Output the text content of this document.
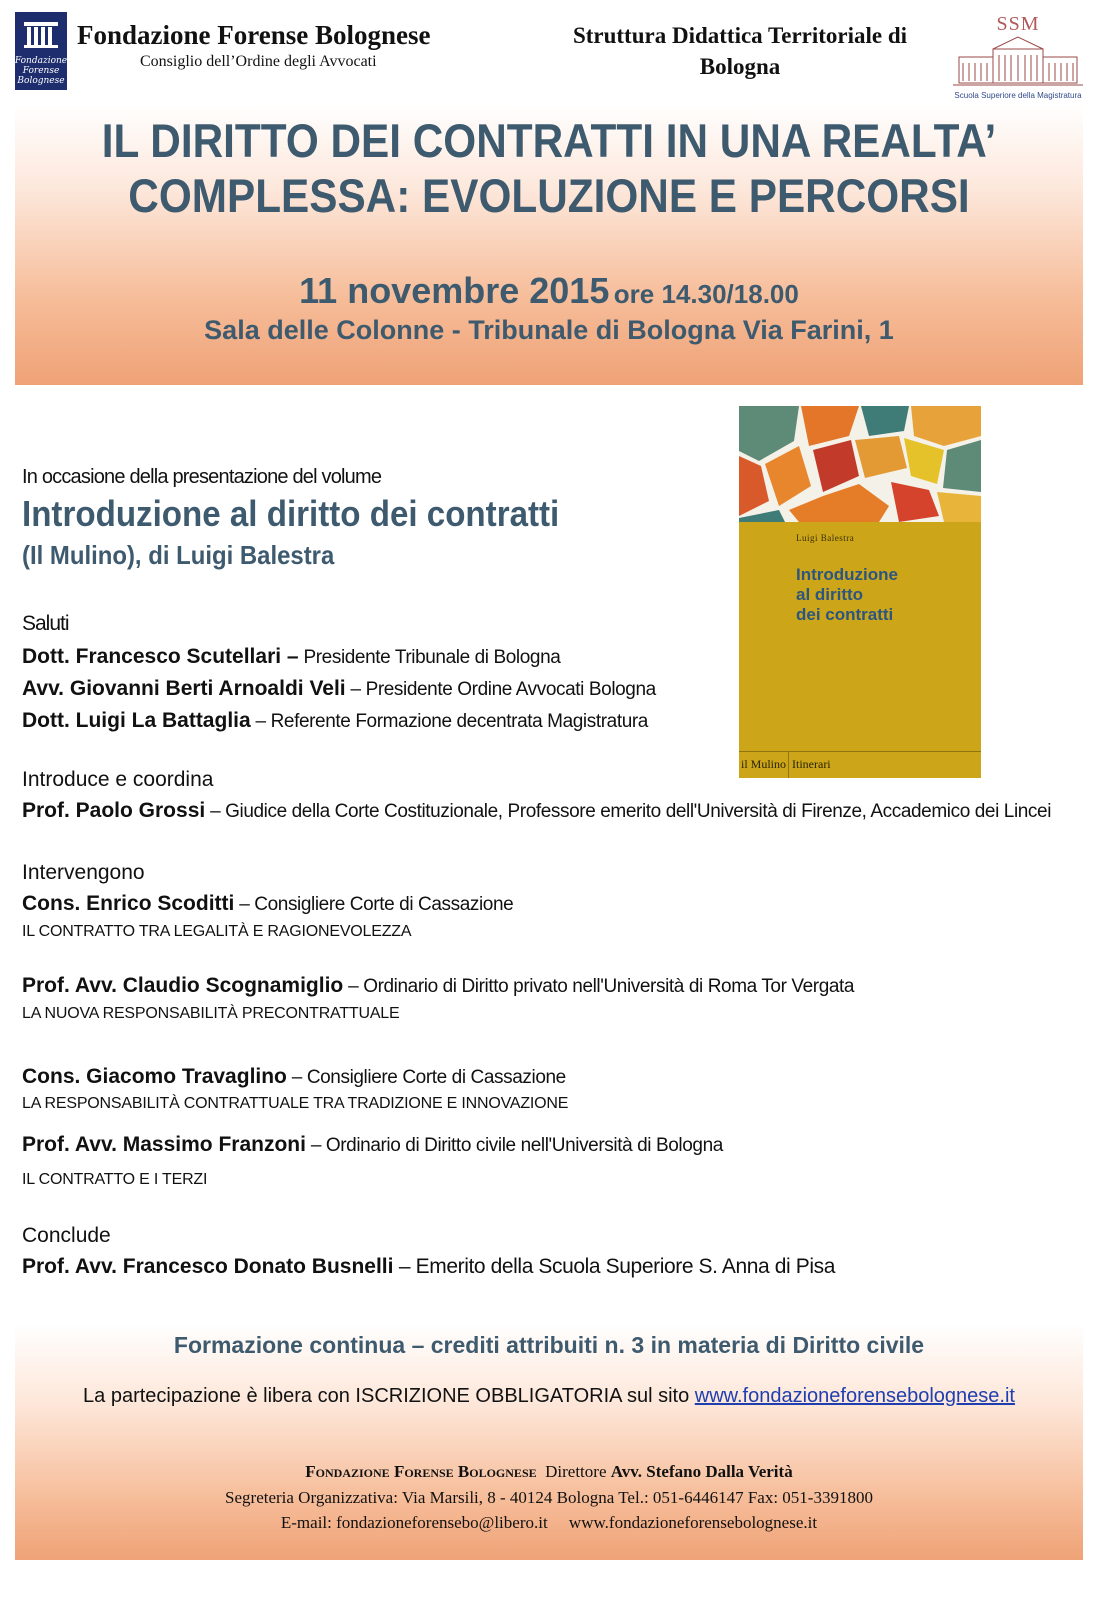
Fondazione Forense Bolognese
Fondazione Forense Bolognese
Consiglio dell’Ordine degli Avvocati
Struttura Didattica Territoriale di Bologna
SSM
Scuola Superiore della Magistratura
IL DIRITTO DEI CONTRATTI IN UNA REALTA’ COMPLESSA: EVOLUZIONE E PERCORSI
11 novembre 2015 ore 14.30/18.00
Sala delle Colonne - Tribunale di Bologna Via Farini, 1
Luigi Balestra
Introduzione
al diritto
dei contratti
il Mulino Itinerari
In occasione della presentazione del volume
Introduzione al diritto dei contratti
(Il Mulino), di Luigi Balestra
Saluti
Dott. Francesco Scutellari – Presidente Tribunale di Bologna
Avv. Giovanni Berti Arnoaldi Veli – Presidente Ordine Avvocati Bologna
Dott. Luigi La Battaglia – Referente Formazione decentrata Magistratura
Introduce e coordina
Prof. Paolo Grossi – Giudice della Corte Costituzionale, Professore emerito dell'Università di Firenze, Accademico dei Lincei
Intervengono
Cons. Enrico Scoditti – Consigliere Corte di Cassazione
IL CONTRATTO TRA LEGALITÀ E RAGIONEVOLEZZA
Prof. Avv. Claudio Scognamiglio – Ordinario di Diritto privato nell'Università di Roma Tor Vergata
LA NUOVA RESPONSABILITÀ PRECONTRATTUALE
Cons. Giacomo Travaglino – Consigliere Corte di Cassazione
LA RESPONSABILITÀ CONTRATTUALE TRA TRADIZIONE E INNOVAZIONE
Prof. Avv. Massimo Franzoni – Ordinario di Diritto civile nell'Università di Bologna
IL CONTRATTO E I TERZI
Conclude
Prof. Avv. Francesco Donato Busnelli – Emerito della Scuola Superiore S. Anna di Pisa
Formazione continua – crediti attribuiti n. 3 in materia di Diritto civile
La partecipazione è libera con ISCRIZIONE OBBLIGATORIA sul sito www.fondazioneforensebolognese.it
Fondazione Forense Bolognese Direttore Avv. Stefano Dalla Verità
Segreteria Organizzativa: Via Marsili, 8 - 40124 Bologna Tel.: 051-6446147 Fax: 051-3391800
E-mail: fondazioneforensebo@libero.it     www.fondazioneforensebolognese.it
